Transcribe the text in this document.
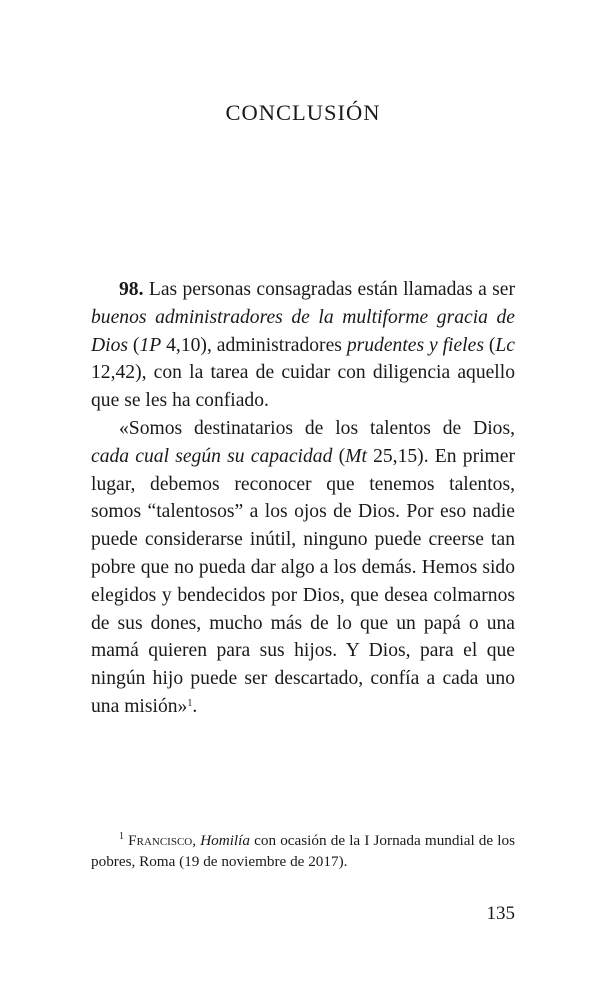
CONCLUSIÓN

98. Las personas consagradas están llamadas a ser buenos administradores de la multiforme gracia de Dios (1P 4,10), administradores prudentes y fieles (Lc 12,42), con la tarea de cuidar con diligencia aquello que se les ha confiado.

«Somos destinatarios de los talentos de Dios, cada cual según su capacidad (Mt 25,15). En primer lugar, debemos reconocer que tenemos talentos, somos “talentosos” a los ojos de Dios. Por eso nadie puede considerarse inútil, ninguno puede creerse tan pobre que no pueda dar algo a los demás. Hemos sido elegidos y bendecidos por Dios, que desea colmarnos de sus dones, mucho más de lo que un papá o una mamá quieren para sus hijos. Y Dios, para el que ningún hijo puede ser descartado, confía a cada uno una misión»$^1$.

$^1$ Francisco, Homilía con ocasión de la I Jornada mundial de los pobres, Roma (19 de noviembre de 2017).

135
